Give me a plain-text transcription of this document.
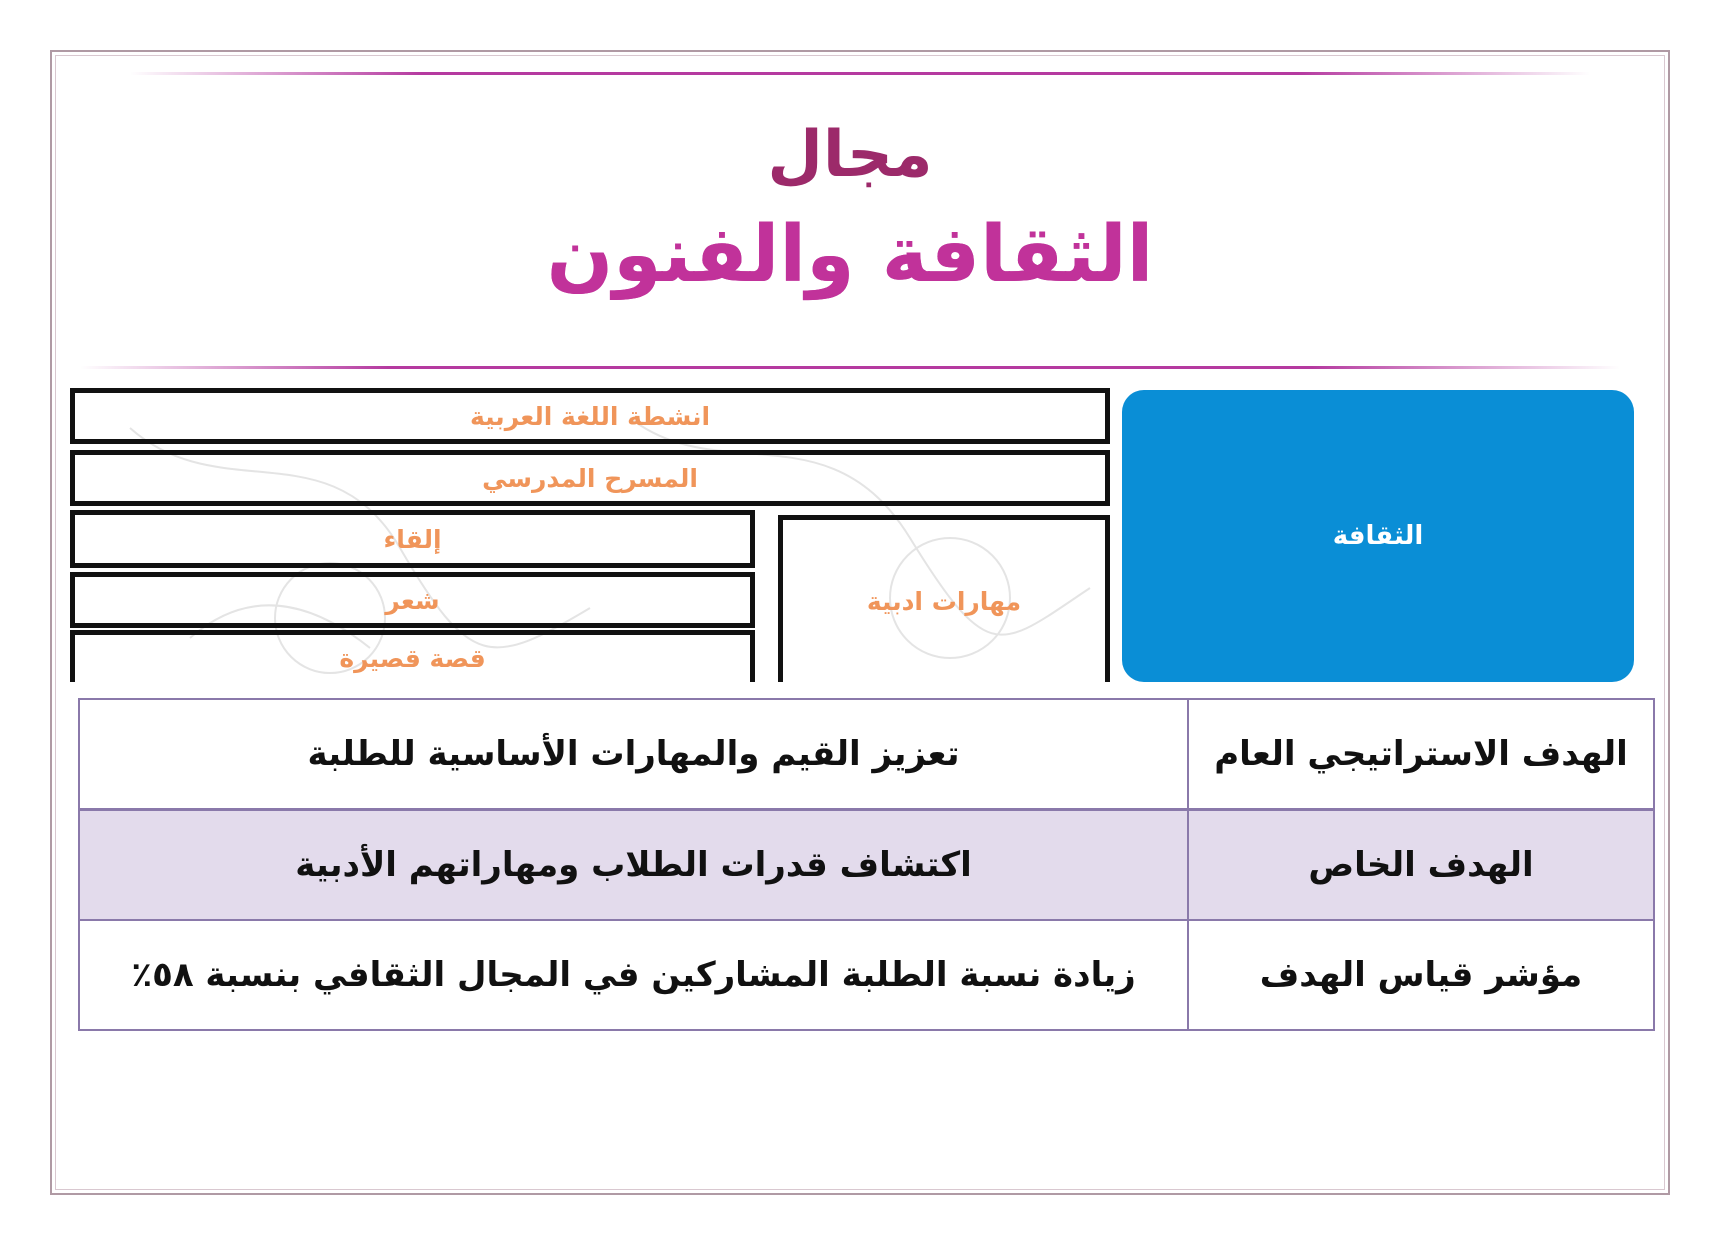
مجال
الثقافة والفنون
انشطة اللغة العربية
المسرح المدرسي
مهارات ادبية
إلقاء
شعر
قصة قصيرة
الثقافة
الهدف الاستراتيجي العام	تعزيز القيم والمهارات الأساسية للطلبة
الهدف الخاص	اكتشاف قدرات الطلاب ومهاراتهم الأدبية
مؤشر قياس الهدف	زيادة نسبة الطلبة المشاركين في المجال الثقافي بنسبة ٥٨٪
